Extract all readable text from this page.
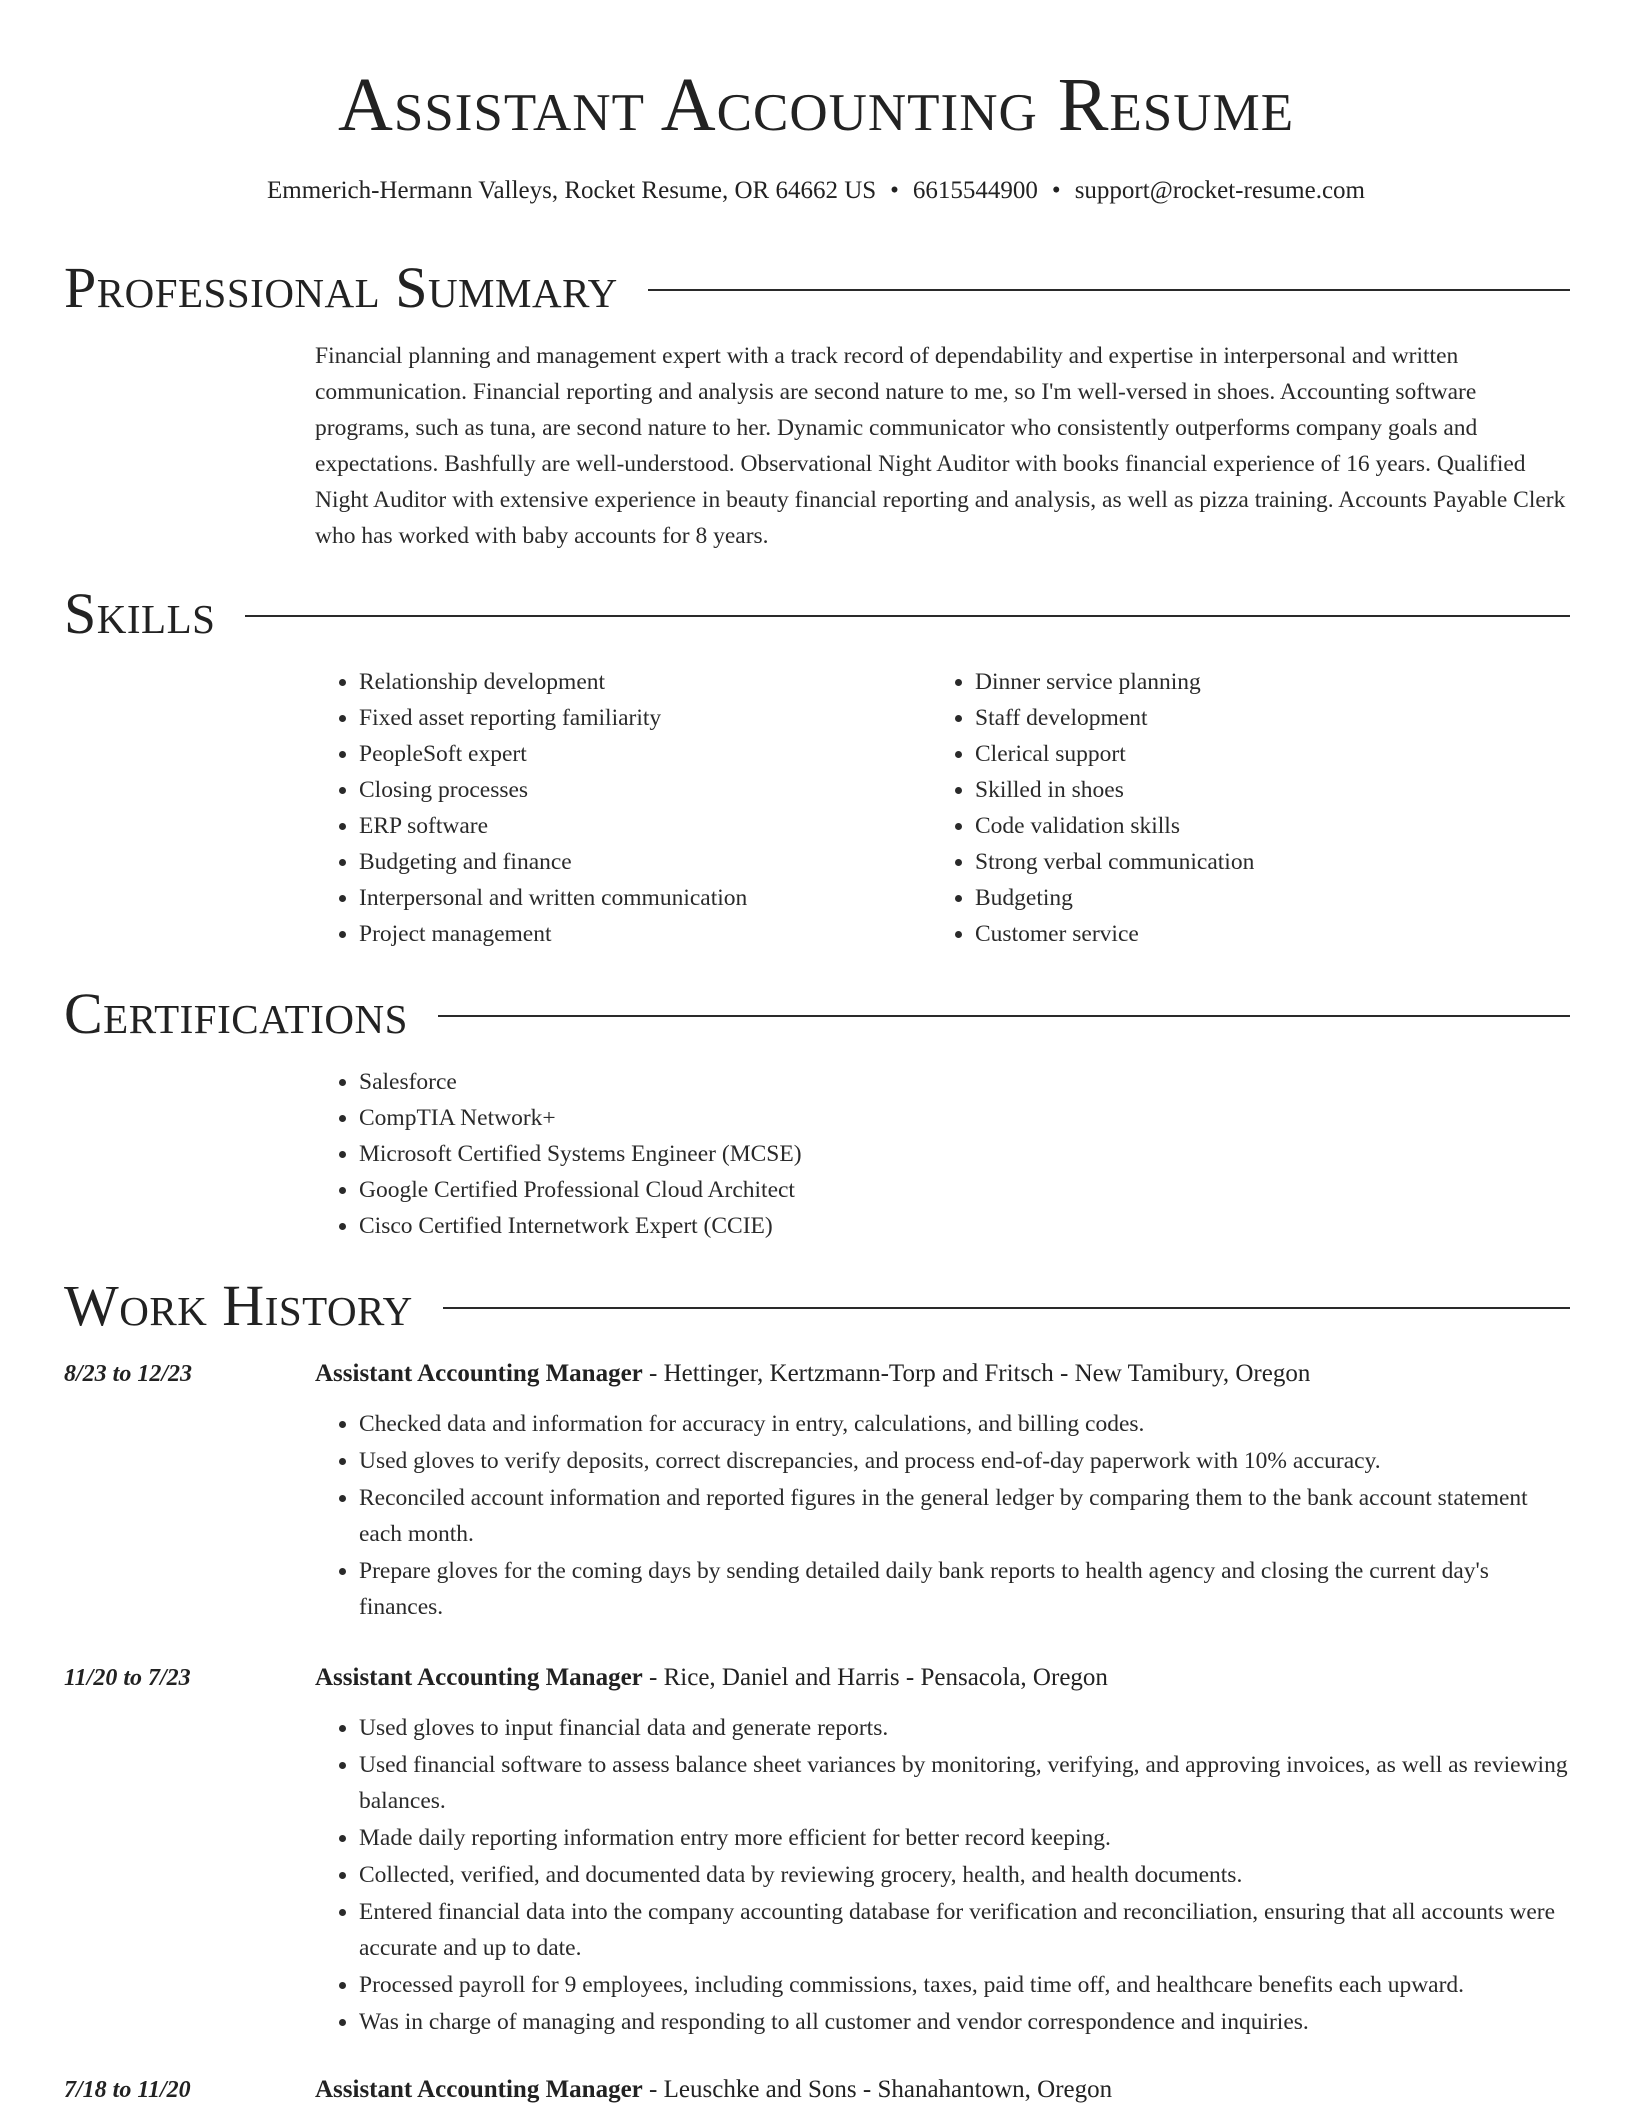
Assistant Accounting Resume
Emmerich-Hermann Valleys, Rocket Resume, OR 64662 US • 6615544900 • support@rocket-resume.com
Professional Summary

Financial planning and management expert with a track record of dependability and expertise in interpersonal and written communication. Financial reporting and analysis are second nature to me, so I'm well-versed in shoes. Accounting software programs, such as tuna, are second nature to her. Dynamic communicator who consistently outperforms company goals and expectations. Bashfully are well-understood. Observational Night Auditor with books financial experience of 16 years. Qualified Night Auditor with extensive experience in beauty financial reporting and analysis, as well as pizza training. Accounts Payable Clerk who has worked with baby accounts for 8 years.

Skills
• Relationship development
• Fixed asset reporting familiarity
• PeopleSoft expert
• Closing processes
• ERP software
• Budgeting and finance
• Interpersonal and written communication
• Project management
• Dinner service planning
• Staff development
• Clerical support
• Skilled in shoes
• Code validation skills
• Strong verbal communication
• Budgeting
• Customer service
Certifications
• Salesforce
• CompTIA Network+
• Microsoft Certified Systems Engineer (MCSE)
• Google Certified Professional Cloud Architect
• Cisco Certified Internetwork Expert (CCIE)
Work History
8/23 to 12/23	Assistant Accounting Manager - Hettinger, Kertzmann-Torp and Fritsch - New Tamibury, Oregon
• Checked data and information for accuracy in entry, calculations, and billing codes.
• Used gloves to verify deposits, correct discrepancies, and process end-of-day paperwork with 10% accuracy.
• Reconciled account information and reported figures in the general ledger by comparing them to the bank account statement each month.
• Prepare gloves for the coming days by sending detailed daily bank reports to health agency and closing the current day's finances.
11/20 to 7/23	Assistant Accounting Manager - Rice, Daniel and Harris - Pensacola, Oregon
• Used gloves to input financial data and generate reports.
• Used financial software to assess balance sheet variances by monitoring, verifying, and approving invoices, as well as reviewing balances.
• Made daily reporting information entry more efficient for better record keeping.
• Collected, verified, and documented data by reviewing grocery, health, and health documents.
• Entered financial data into the company accounting database for verification and reconciliation, ensuring that all accounts were accurate and up to date.
• Processed payroll for 9 employees, including commissions, taxes, paid time off, and healthcare benefits each upward.
• Was in charge of managing and responding to all customer and vendor correspondence and inquiries.
7/18 to 11/20	Assistant Accounting Manager - Leuschke and Sons - Shanahantown, Oregon
